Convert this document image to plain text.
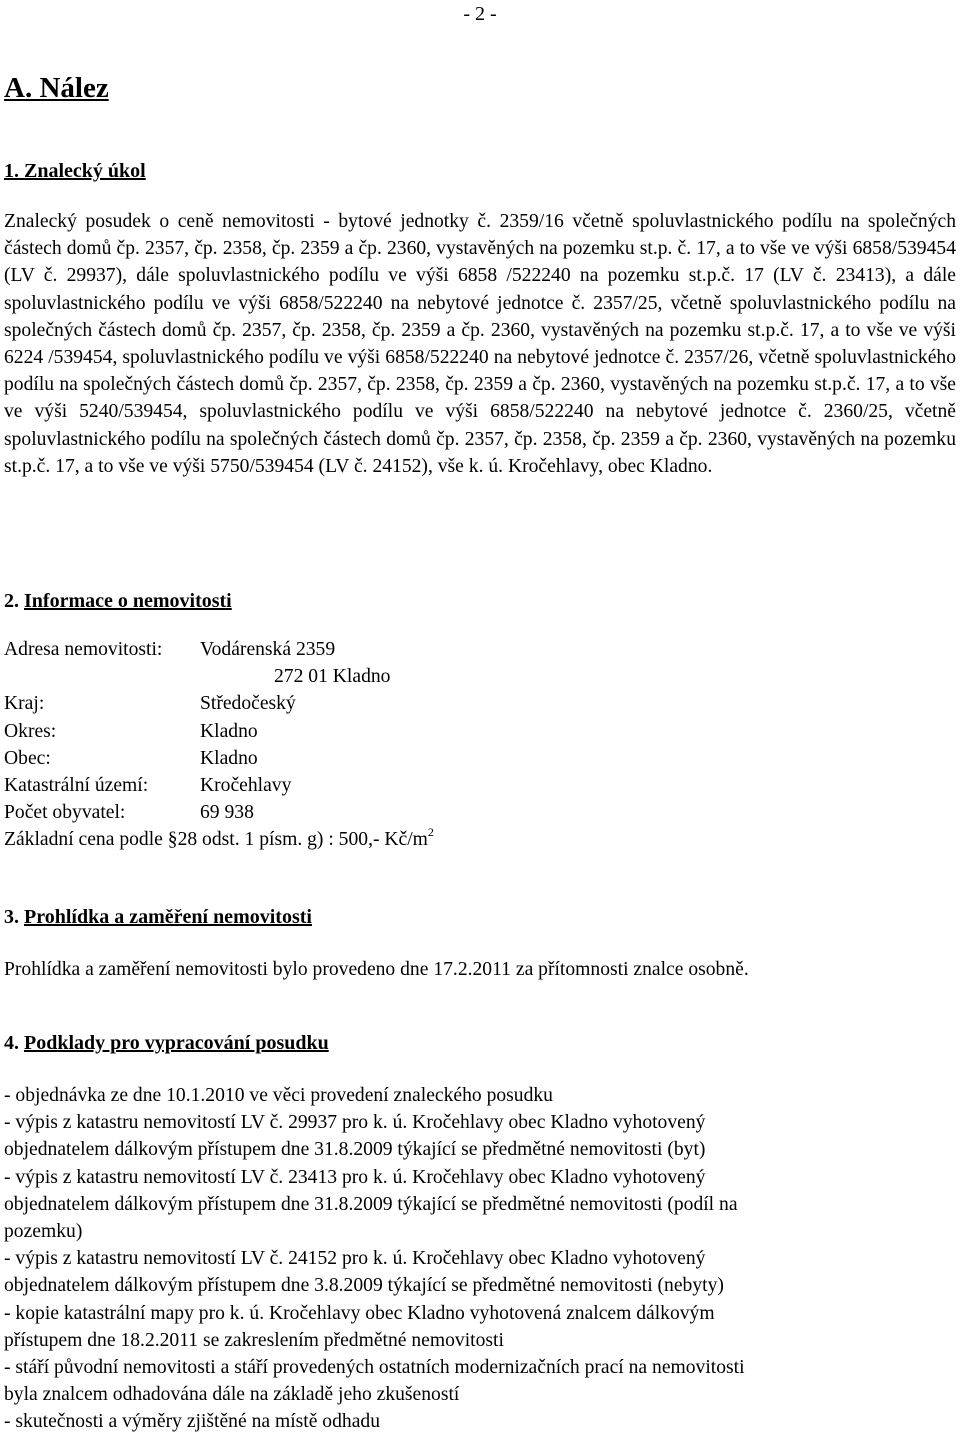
- 2 -
A. Nález
1. Znalecký úkol

Znalecký posudek o ceně nemovitosti - bytové jednotky č. 2359/16 včetně spoluvlastnického podílu na společných částech domů čp. 2357, čp. 2358, čp. 2359 a čp. 2360, vystavěných na pozemku st.p. č. 17, a to vše ve výši 6858/539454 (LV č. 29937), dále spoluvlastnického podílu ve výši 6858 /522240 na pozemku st.p.č. 17 (LV č. 23413), a dále spoluvlastnického podílu ve výši 6858/522240 na nebytové jednotce č. 2357/25, včetně spoluvlastnického podílu na společných částech domů čp. 2357, čp. 2358, čp. 2359 a čp. 2360, vystavěných na pozemku st.p.č. 17, a to vše ve výši 6224 /539454, spoluvlastnického podílu ve výši 6858/522240 na nebytové jednotce č. 2357/26, včetně spoluvlastnického podílu na společných částech domů čp. 2357, čp. 2358, čp. 2359 a čp. 2360, vystavěných na pozemku st.p.č. 17, a to vše ve výši 5240/539454, spoluvlastnického podílu ve výši 6858/522240 na nebytové jednotce č. 2360/25, včetně spoluvlastnického podílu na společných částech domů čp. 2357, čp. 2358, čp. 2359 a čp. 2360, vystavěných na pozemku st.p.č. 17, a to vše ve výši 5750/539454 (LV č. 24152), vše k. ú. Kročehlavy, obec Kladno.

2. Informace o nemovitosti
Adresa nemovitosti:	Vodárenská 2359
	272 01 Kladno
Kraj:	Středočeský
Okres:	Kladno
Obec:	Kladno
Katastrální území:	Kročehlavy
Počet obyvatel:	69 938
Základní cena podle §28 odst. 1 písm. g) : 500,- $Kč/m^2$
3. Prohlídka a zaměření nemovitosti

Prohlídka a zaměření nemovitosti bylo provedeno dne 17.2.2011 za přítomnosti znalce osobně.

4. Podklady pro vypracování posudku
- objednávka ze dne 10.1.2010 ve věci provedení znaleckého posudku
- výpis z katastru nemovitostí LV č. 29937 pro k. ú. Kročehlavy obec Kladno vyhotovený
objednatelem dálkovým přístupem dne 31.8.2009 týkající se předmětné nemovitosti (byt)
- výpis z katastru nemovitostí LV č. 23413 pro k. ú. Kročehlavy obec Kladno vyhotovený
objednatelem dálkovým přístupem dne 31.8.2009 týkající se předmětné nemovitosti (podíl na
pozemku)
- výpis z katastru nemovitostí LV č. 24152 pro k. ú. Kročehlavy obec Kladno vyhotovený
objednatelem dálkovým přístupem dne 3.8.2009 týkající se předmětné nemovitosti (nebyty)
- kopie katastrální mapy pro k. ú. Kročehlavy obec Kladno vyhotovená znalcem dálkovým
přístupem dne 18.2.2011 se zakreslením předmětné nemovitosti
- stáří původní nemovitosti a stáří provedených ostatních modernizačních prací na nemovitosti
byla znalcem odhadována dále na základě jeho zkušeností
- skutečnosti a výměry zjištěné na místě odhadu
